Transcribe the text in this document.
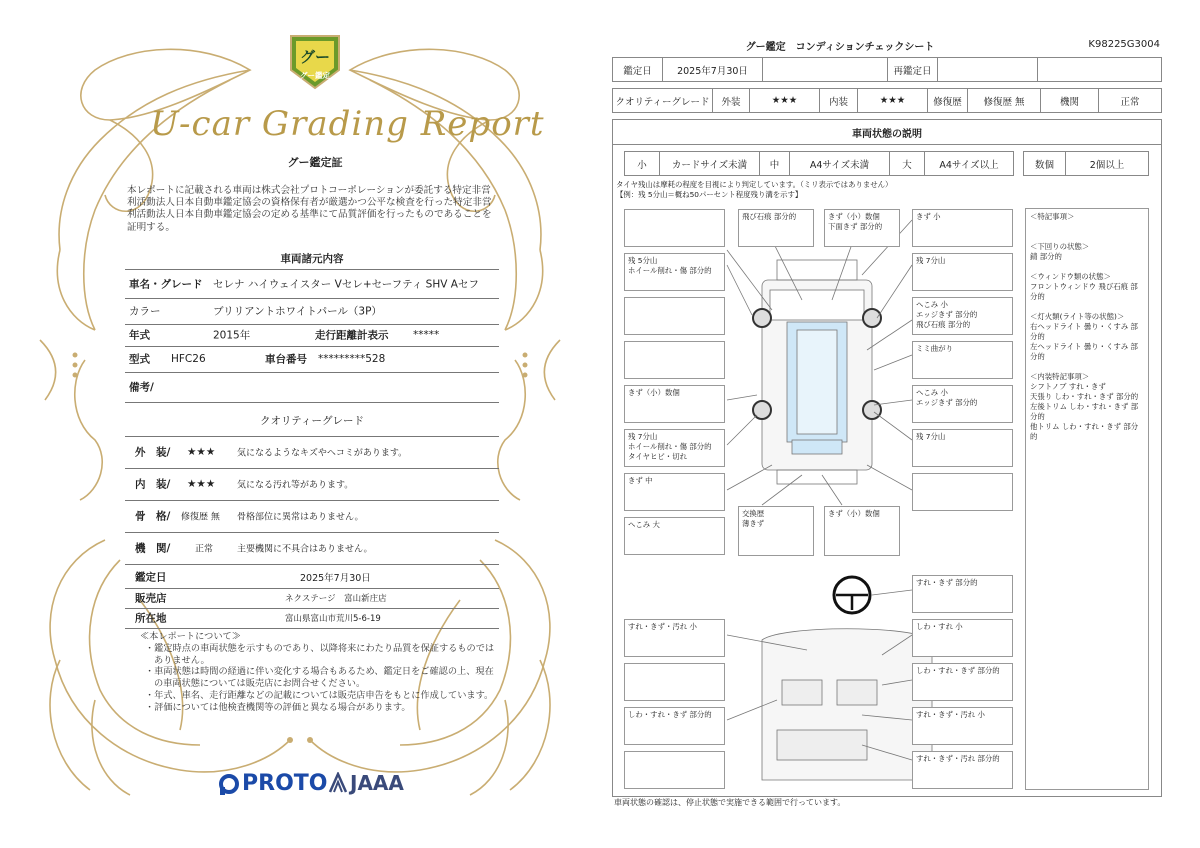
グー
グー鑑定
U-car Grading Report
グー鑑定証
本レポートに記載される車両は株式会社プロトコーポレーションが委託する特定非営利活動法人日本自動車鑑定協会の資格保有者が厳選かつ公平な検査を行った特定非営利活動法人日本自動車鑑定協会の定める基準にて品質評価を行ったものであることを証明する。
車両諸元内容
車名・グレード セレナ ハイウェイスター Vセレ+セーフティ SHV Aセフ
カラー	ブリリアントホワイトパール（3P）
年式	2015年	走行距離計表示 *****
型式 HFC26	車台番号 *********528
備考/
クオリティーグレード
外　装/ ★★★ 気になるようなキズやヘコミがあります。
内　装/ ★★★ 気になる汚れ等があります。
骨　格/ 修復歴 無 骨格部位に異常はありません。
機　関/	正常	主要機関に不具合はありません。
鑑定日	2025年7月30日
販売店	ネクステージ　富山新庄店
所在地	富山県富山市荒川5-6-19
≪本レポートについて≫
・鑑定時点の車両状態を示すものであり、以降将来にわたり品質を保証するものではありません。
・車両状態は時間の経過に伴い変化する場合もあるため、鑑定日をご確認の上、現在の車両状態については販売店にお問合せください。
・年式、車名、走行距離などの記載については販売店申告をもとに作成しています。
・評価については他検査機関等の評価と異なる場合があります。
PROTO JAAA
グー鑑定　コンディションチェックシート	K98225G3004
鑑定日	2025年7月30日	再鑑定日
クオリティーグレード	外装	★★★	内装	★★★	修復歴	修復歴 無	機関	正常
車両状態の説明
小	カードサイズ未満	中	A4サイズ未満	大	A4サイズ以上	数個	2個以上
タイヤ残山は摩耗の程度を目視により判定しています。（ミリ表示ではありません）
【例：残 5分山＝概ね50パーセント程度残り溝を示す】
飛び石痕 部分的	きず（小）数個
下面きず 部分的
きず 小
残 5分山
ホイール削れ・傷 部分的
残 7分山
へこみ 小
エッジきず 部分的
飛び石痕 部分的
ミミ曲がり
きず（小）数個	へこみ 小
エッジきず 部分的
残 7分山
ホイール削れ・傷 部分的
タイヤヒビ・切れ
残 7分山
きず 中
へこみ 大
交換歴
薄きず
きず（小）数個
すれ・きず 部分的
すれ・きず・汚れ 小	しわ・すれ 小
しわ・すれ・きず 部分的
しわ・すれ・きず 部分的	すれ・きず・汚れ 小
すれ・きず・汚れ 部分的

＜特記事項＞

＜下回りの状態＞

錆 部分的

＜ウィンドウ類の状態＞

フロントウィンドウ 飛び石痕 部分的

＜灯火類(ライト等の状態)＞

右ヘッドライト 曇り・くすみ 部分的

左ヘッドライト 曇り・くすみ 部分的

＜内装特記事項＞

シフトノブ すれ・きず

天張り しわ・すれ・きず 部分的

左後トリム しわ・すれ・きず 部分的

他トリム しわ・すれ・きず 部分的

車両状態の確認は、停止状態で実施できる範囲で行っています。
